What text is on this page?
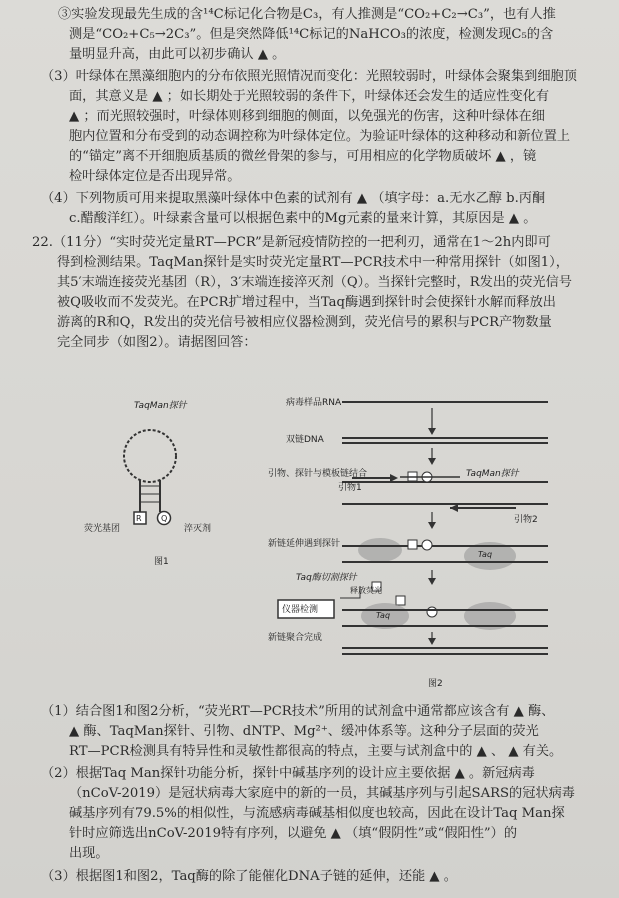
③实验发现最先生成的含¹⁴C标记化合物是C₃，有人推测是“CO₂+C₂→C₃”，也有人推
测是“CO₂+C₅→2C₃”。但是突然降低¹⁴C标记的NaHCO₃的浓度，检测发现C₅的含
量明显升高，由此可以初步确认 ▲ 。
（3）叶绿体在黑藻细胞内的分布依照光照情况而变化：光照较弱时，叶绿体会聚集到细胞顶
面，其意义是 ▲ ；如长期处于光照较弱的条件下，叶绿体还会发生的适应性变化有
▲ ；而光照较强时，叶绿体则移到细胞的侧面，以免强光的伤害，这种叶绿体在细
胞内位置和分布受到的动态调控称为叶绿体定位。为验证叶绿体的这种移动和新位置上
的“锚定”离不开细胞质基质的微丝骨架的参与，可用相应的化学物质破坏 ▲ ，镜
检叶绿体定位是否出现异常。
（4）下列物质可用来提取黑藻叶绿体中色素的试剂有 ▲ （填字母：a.无水乙醇 b.丙酮
c.醋酸洋红）。叶绿素含量可以根据色素中的Mg元素的量来计算，其原因是 ▲ 。
22.（11分）“实时荧光定量RT—PCR”是新冠疫情防控的一把利刃，通常在1～2h内即可
得到检测结果。TaqMan探针是实时荧光定量RT—PCR技术中一种常用探针（如图1），
其5′末端连接荧光基团（R），3′末端连接淬灭剂（Q）。当探针完整时，R发出的荧光信号
被Q吸收而不发荧光。在PCR扩增过程中，当Taq酶遇到探针时会使探针水解而释放出
游离的R和Q，R发出的荧光信号被相应仪器检测到，荧光信号的累积与PCR产物数量
完全同步（如图2）。请据图回答：
TaqMan探针
R Q
荧光基团	淬灭剂
图1
病毒样品RNA
双链DNA
引物、探针与模板链结合	TaqMan探针
引物1
引物2
新链延伸遇到探针
Taq
Taq酶切割探针
释放荧光
仪器检测
Taq
新链聚合完成
图2
（1）结合图1和图2分析，“荧光RT—PCR技术”所用的试剂盒中通常都应该含有 ▲ 酶、
▲ 酶、TaqMan探针、引物、dNTP、Mg²⁺、缓冲体系等。这种分子层面的荧光
RT—PCR检测具有特异性和灵敏性都很高的特点，主要与试剂盒中的 ▲ 、 ▲ 有关。
（2）根据Taq Man探针功能分析，探针中碱基序列的设计应主要依据 ▲ 。新冠病毒
（nCoV-2019）是冠状病毒大家庭中的新的一员，其碱基序列与引起SARS的冠状病毒
碱基序列有79.5%的相似性，与流感病毒碱基相似度也较高，因此在设计Taq Man探
针时应筛选出nCoV-2019特有序列，以避免 ▲ （填“假阴性”或“假阳性”）的
出现。
（3）根据图1和图2，Taq酶的除了能催化DNA子链的延伸，还能 ▲ 。
